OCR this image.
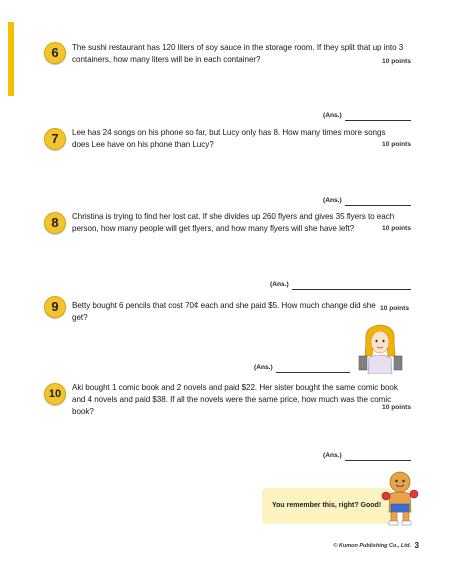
6	The sushi restaurant has 120 liters of soy sauce in the storage room. If they split that up into 3 containers, how many liters will be in each container?	10 points
(Ans.)
7	Lee has 24 songs on his phone so far, but Lucy only has 8. How many times more songs does Lee have on his phone than Lucy?	10 points
(Ans.)
8	Christina is trying to find her lost cat. If she divides up 260 flyers and gives 35 flyers to each person, how many people will get flyers, and how many flyers will she have left?	10 points
(Ans.)
9	Betty bought 6 pencils that cost 70¢ each and she paid $5. How much change did she get?
10 points
(Ans.)
10
Aki bought 1 comic book and 2 novels and paid $22. Her sister bought the same comic book and 4 novels and paid $38. If all the novels were the same price, how much was the comic book?	10 points
(Ans.)
You remember this, right? Good!
© Kumon Publishing Co., Ltd. 3
